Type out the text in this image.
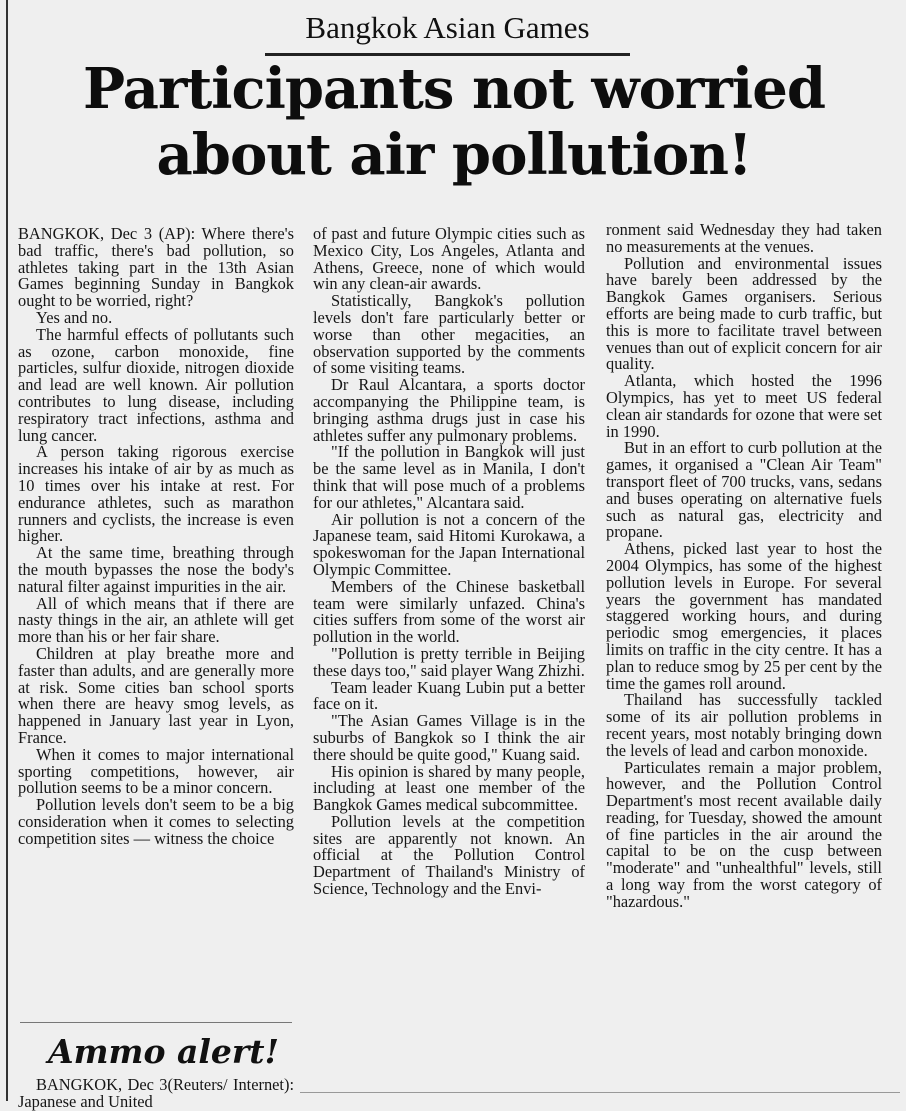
Bangkok Asian Games
Participants not worried about air pollution!

BANGKOK, Dec 3 (AP): Where there's bad traffic, there's bad pollution, so athletes taking part in the 13th Asian Games beginning Sunday in Bangkok ought to be worried, right?

Yes and no.

The harmful effects of pollutants such as ozone, carbon monoxide, fine particles, sulfur dioxide, nitrogen dioxide and lead are well known. Air pollution contributes to lung disease, including respiratory tract infections, asthma and lung cancer.

A person taking rigorous exercise increases his intake of air by as much as 10 times over his intake at rest. For endurance athletes, such as marathon runners and cyclists, the increase is even higher.

At the same time, breathing through the mouth bypasses the nose the body's natural filter against impurities in the air.

All of which means that if there are nasty things in the air, an athlete will get more than his or her fair share.

Children at play breathe more and faster than adults, and are generally more at risk. Some cities ban school sports when there are heavy smog levels, as happened in January last year in Lyon, France.

When it comes to major international sporting competitions, however, air pollution seems to be a minor concern.

Pollution levels don't seem to be a big consideration when it comes to selecting competition sites — witness the choice

of past and future Olympic cities such as Mexico City, Los Angeles, Atlanta and Athens, Greece, none of which would win any clean-air awards.

Statistically, Bangkok's pollution levels don't fare particularly better or worse than other megacities, an observation supported by the comments of some visiting teams.

Dr Raul Alcantara, a sports doctor accompanying the Philippine team, is bringing asthma drugs just in case his athletes suffer any pulmonary problems.

"If the pollution in Bangkok will just be the same level as in Manila, I don't think that will pose much of a problems for our athletes," Alcantara said.

Air pollution is not a concern of the Japanese team, said Hitomi Kurokawa, a spokeswoman for the Japan International Olympic Committee.

Members of the Chinese basketball team were similarly unfazed. China's cities suffers from some of the worst air pollution in the world.

"Pollution is pretty terrible in Beijing these days too," said player Wang Zhizhi.

Team leader Kuang Lubin put a better face on it.

"The Asian Games Village is in the suburbs of Bangkok so I think the air there should be quite good," Kuang said.

His opinion is shared by many people, including at least one member of the Bangkok Games medical subcommittee.

Pollution levels at the competition sites are apparently not known. An official at the Pollution Control Department of Thailand's Ministry of Science, Technology and the Envi-

ronment said Wednesday they had taken no measurements at the venues.

Pollution and environmental issues have barely been addressed by the Bangkok Games organisers. Serious efforts are being made to curb traffic, but this is more to facilitate travel between venues than out of explicit concern for air quality.

Atlanta, which hosted the 1996 Olympics, has yet to meet US federal clean air standards for ozone that were set in 1990.

But in an effort to curb pollution at the games, it organised a "Clean Air Team" transport fleet of 700 trucks, vans, sedans and buses operating on alternative fuels such as natural gas, electricity and propane.

Athens, picked last year to host the 2004 Olympics, has some of the highest pollution levels in Europe. For several years the government has mandated staggered working hours, and during periodic smog emergencies, it places limits on traffic in the city centre. It has a plan to reduce smog by 25 per cent by the time the games roll around.

Thailand has successfully tackled some of its air pollution problems in recent years, most notably bringing down the levels of lead and carbon monoxide.

Particulates remain a major problem, however, and the Pollution Control Department's most recent available daily reading, for Tuesday, showed the amount of fine particles in the air around the capital to be on the cusp between "moderate" and "unhealthful" levels, still a long way from the worst category of "hazardous."

Ammo alert!

BANGKOK, Dec 3(Reuters/ Internet): Japanese and United
